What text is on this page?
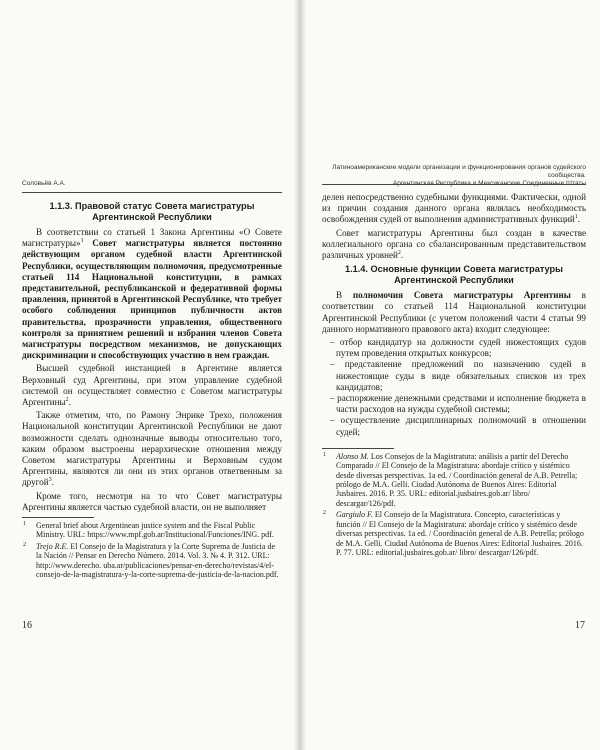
Соловьёв А.А.
1.1.3. Правовой статус Совета магистратуры Аргентинской Республики

В соответствии со статьей 1 Закона Аргентины «О Совете магистратуры»$^1$ Совет магистратуры является постоянно действующим органом судебной власти Аргентинской Республики, осуществляющим полномочия, предусмотренные статьей 114 Национальной конституции, в рамках представительной, республиканской и федеративной формы правления, принятой в Аргентинской Республике, что требует особого соблюдения принципов публичности актов правительства, прозрачности управления, общественного контроля за принятием решений и избрания членов Совета магистратуры посредством механизмов, не допускающих дискриминации и способствующих участию в нем граждан.

Высшей судебной инстанцией в Аргентине является Верховный суд Аргентины, при этом управление судебной системой он осуществляет совместно с Советом магистратуры Аргентины$^2$.

Также отметим, что, по Рамону Энрике Трехо, положения Национальной конституции Аргентинской Республики не дают возможности сделать однозначные выводы относительно того, каким образом выстроены иерархические отношения между Советом магистратуры Аргентины и Верховным судом Аргентины, являются ли они из этих органов ответвенным за другой$^3$.

Кроме того, несмотря на то что Совет магистратуры Аргентины является частью судебной власти, он не выполняет

1 General brief about Argentinean justice system and the Fiscal Public Ministry. URL: https://www.mpf.gob.ar/Institucional/Funciones/ING. pdf.
2 Trejo R.E. El Consejo de la Magistratura y la Corte Suprema de Justicia de la Nación // Pensar en Derecho Número. 2014. Vol. 3. № 4. P. 312. URL: http://www.derecho. uba.ar/publicaciones/pensar-en-derecho/revistas/4/el-consejo-de-la-magistratura-y-la-corte-suprema-de-justicia-de-la-nacion.pdf.
16
Латиноамериканские модели организации и функционирования органов судейского сообщества.
Аргентинская Республика и Мексиканские Соединенные Штаты

делен непосредственно судебными функциями. Фактически, одной из причин создания данного органа являлась необходимость освобождения судей от выполнения административных функций$^1$.

Совет магистратуры Аргентины был создан в качестве коллегиального органа со сбалансированным представительством различных уровней$^2$.

1.1.4. Основные функции Совета магистратуры Аргентинской Республики

В полномочия Совета магистратуры Аргентины в соответствии со статьей 114 Национальной конституции Аргентинской Республики (с учетом положений части 4 статьи 99 данного нормативного правового акта) входит следующее:

– отбор кандидатур на должности судей нижестоящих судов путем проведения открытых конкурсов;

– представление предложений по назначению судей в нижестоящие суды в виде обязательных списков из трех кандидатов;

– распоряжение денежными средствами и исполнение бюджета в части расходов на нужды судебной системы;

– осуществление дисциплинарных полномочий в отношении судей;

1 Alonso M. Los Consejos de la Magistratura: análisis a partir del Derecho Comparado // El Consejo de la Magistratura: abordaje crítico y sistémico desde diversas perspectivas. 1a ed. / Coordinación general de A.B. Petrella; prólogo de M.A. Gelli. Ciudad Autónoma de Buenos Aires: Editorial Jusbaires. 2016. P. 35. URL: editorial.jusbaires.gob.ar/ libro/ descargar/126/pdf.
2 Gargiulo F. El Consejo de la Magistratura. Concepto, características y función // El Consejo de la Magistratura: abordaje crítico y sistémico desde diversas perspectivas. 1a ed. / Coordinación general de A.B. Petrella; prólogo de M.A. Gelli. Ciudad Autónoma de Buenos Aires: Editorial Jusbaires. 2016. P. 77. URL: editorial.jusbaires.gob.ar/ libro/ descargar/126/pdf.
17
